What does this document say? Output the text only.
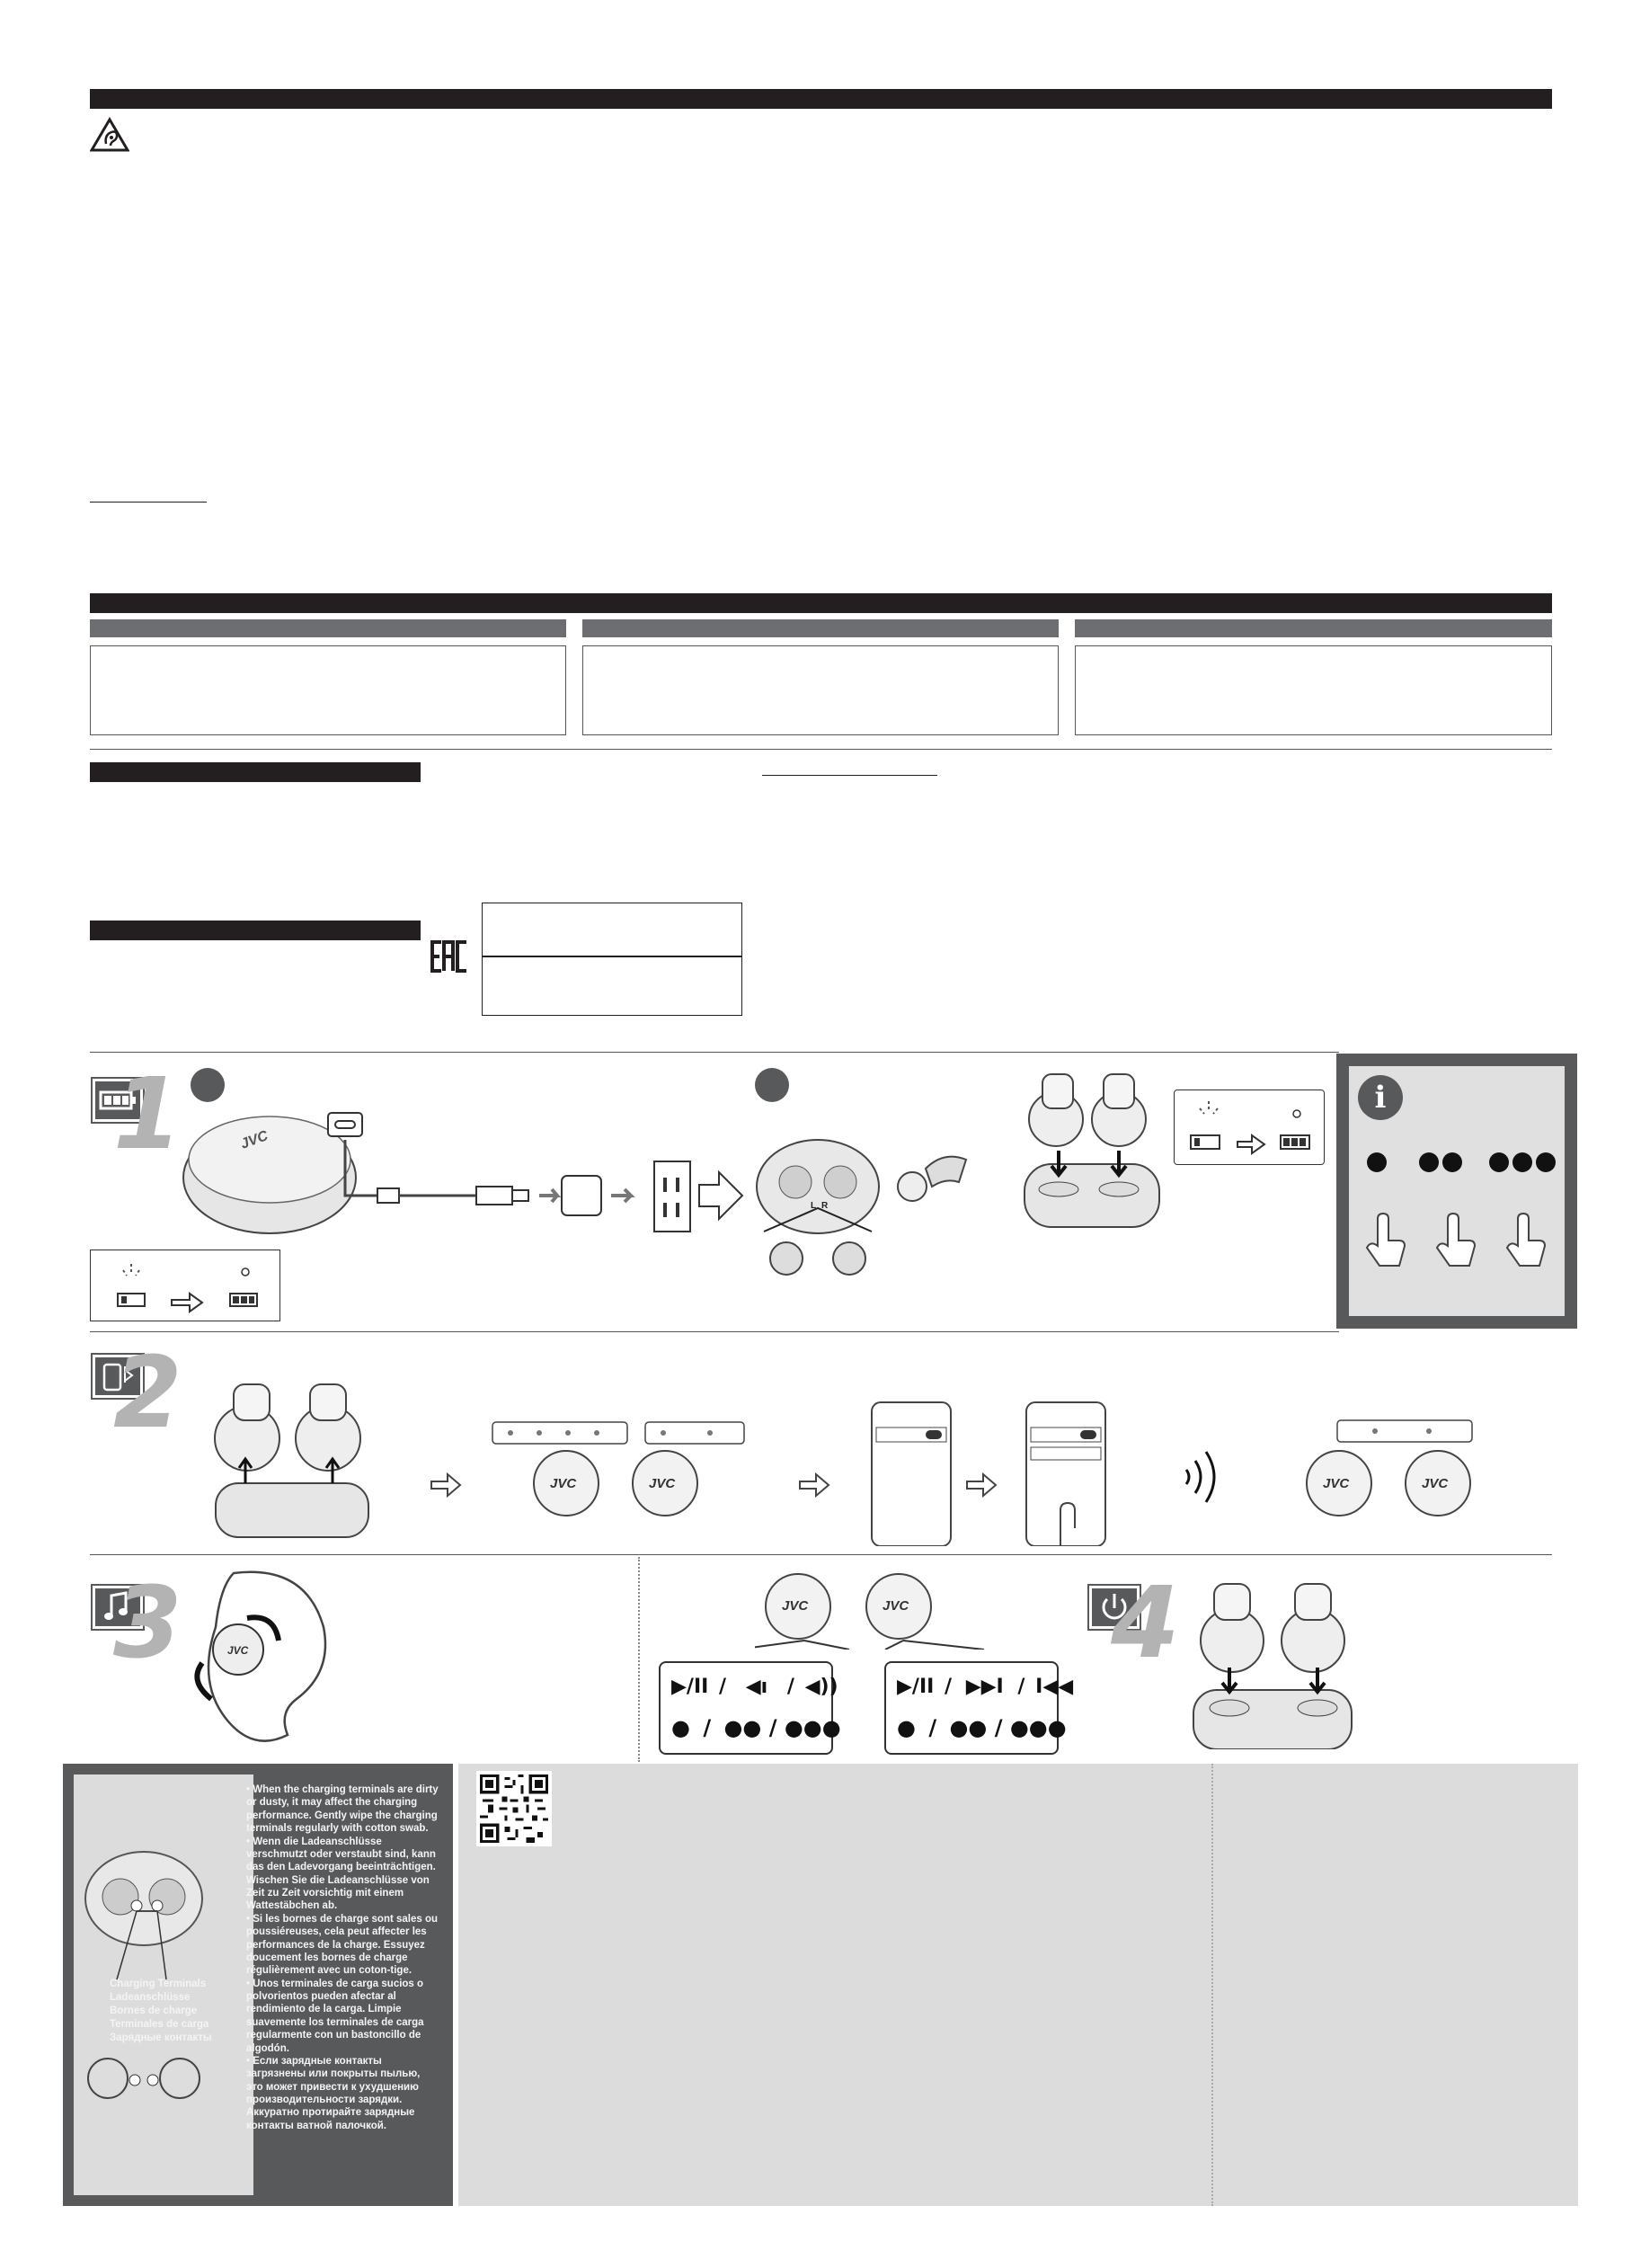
1	JVC
L R
i
2
JVC	JVC	JVC	JVC
3	JVC
JVC	JVC
▶/II / ◀ı / ◀))
● / ●● / ●●●
▶/II / ▶▶I / I◀◀
● / ●● / ●●●
4
Charging Terminals
Ladeanschlüsse
Bornes de charge
Terminales de carga
Зарядные контакты
• When the charging terminals are dirty or dusty, it may affect the charging performance. Gently wipe the charging terminals regularly with cotton swab.
• Wenn die Ladeanschlüsse verschmutzt oder verstaubt sind, kann das den Ladevorgang beeinträchtigen. Wischen Sie die Ladeanschlüsse von Zeit zu Zeit vorsichtig mit einem Wattestäbchen ab.
• Si les bornes de charge sont sales ou poussiéreuses, cela peut affecter les performances de la charge. Essuyez doucement les bornes de charge régulièrement avec un coton-tige.
• Unos terminales de carga sucios o polvorientos pueden afectar al rendimiento de la carga. Limpie suavemente los terminales de carga regularmente con un bastoncillo de algodón.
• Если зарядные контакты загрязнены или покрыты пылью, это может привести к ухудшению производительности зарядки. Аккуратно протирайте зарядные контакты ватной палочкой.
